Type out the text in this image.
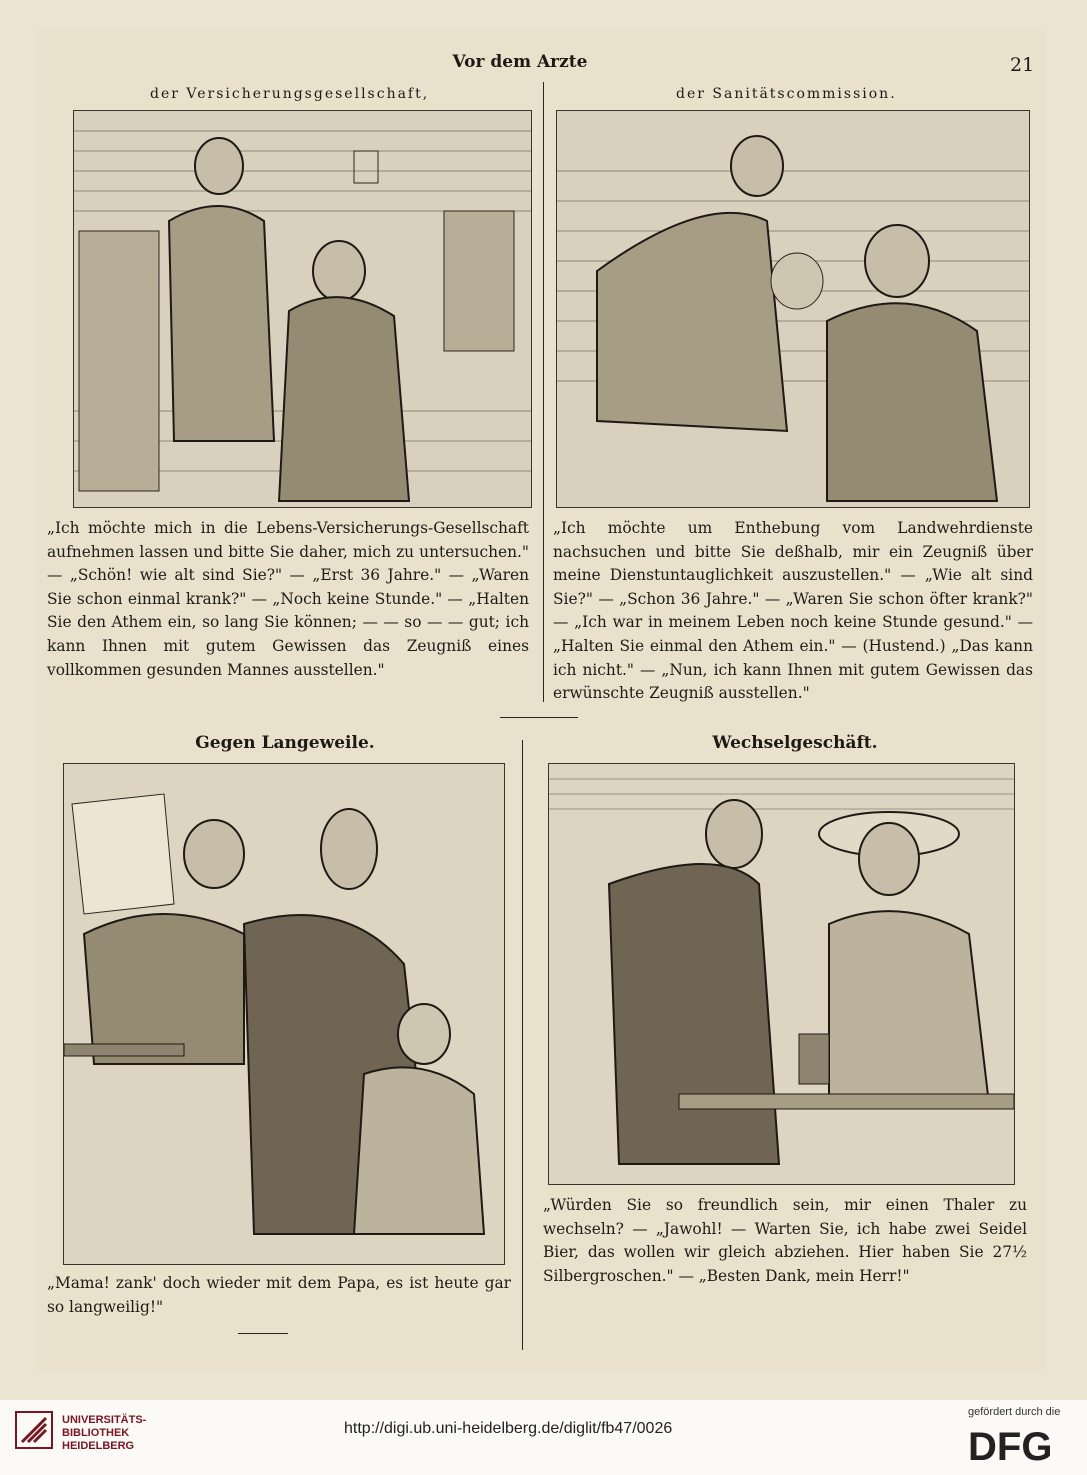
Vor dem Arzte	21
der Versicherungsgesellschaft,	der Sanitätscommission.
„Ich möchte mich in die Lebens-Versicherungs-Gesellschaft aufnehmen lassen und bitte Sie daher, mich zu untersuchen." — „Schön! wie alt sind Sie?" — „Erst 36 Jahre." — „Waren Sie schon einmal krank?" — „Noch keine Stunde." — „Halten Sie den Athem ein, so lang Sie können; — — so — — gut; ich kann Ihnen mit gutem Gewissen das Zeugniß eines vollkommen gesunden Mannes ausstellen."
„Ich möchte um Enthebung vom Landwehrdienste nachsuchen und bitte Sie deßhalb, mir ein Zeugniß über meine Dienstuntauglichkeit auszustellen." — „Wie alt sind Sie?" — „Schon 36 Jahre." — „Waren Sie schon öfter krank?" — „Ich war in meinem Leben noch keine Stunde gesund." — „Halten Sie einmal den Athem ein." — (Hustend.) „Das kann ich nicht." — „Nun, ich kann Ihnen mit gutem Gewissen das erwünschte Zeugniß ausstellen."
Gegen Langeweile.	Wechselgeschäft.
„Mama! zank' doch wieder mit dem Papa, es ist heute gar so langweilig!"
„Würden Sie so freundlich sein, mir einen Thaler zu wechseln? — „Jawohl! — Warten Sie, ich habe zwei Seidel Bier, das wollen wir gleich abziehen. Hier haben Sie 27½ Silbergroschen." — „Besten Dank, mein Herr!"
UNIVERSITÄTS-
BIBLIOTHEK
HEIDELBERG
http://digi.ub.uni-heidelberg.de/diglit/fb47/0026
gefördert durch die
DFG
